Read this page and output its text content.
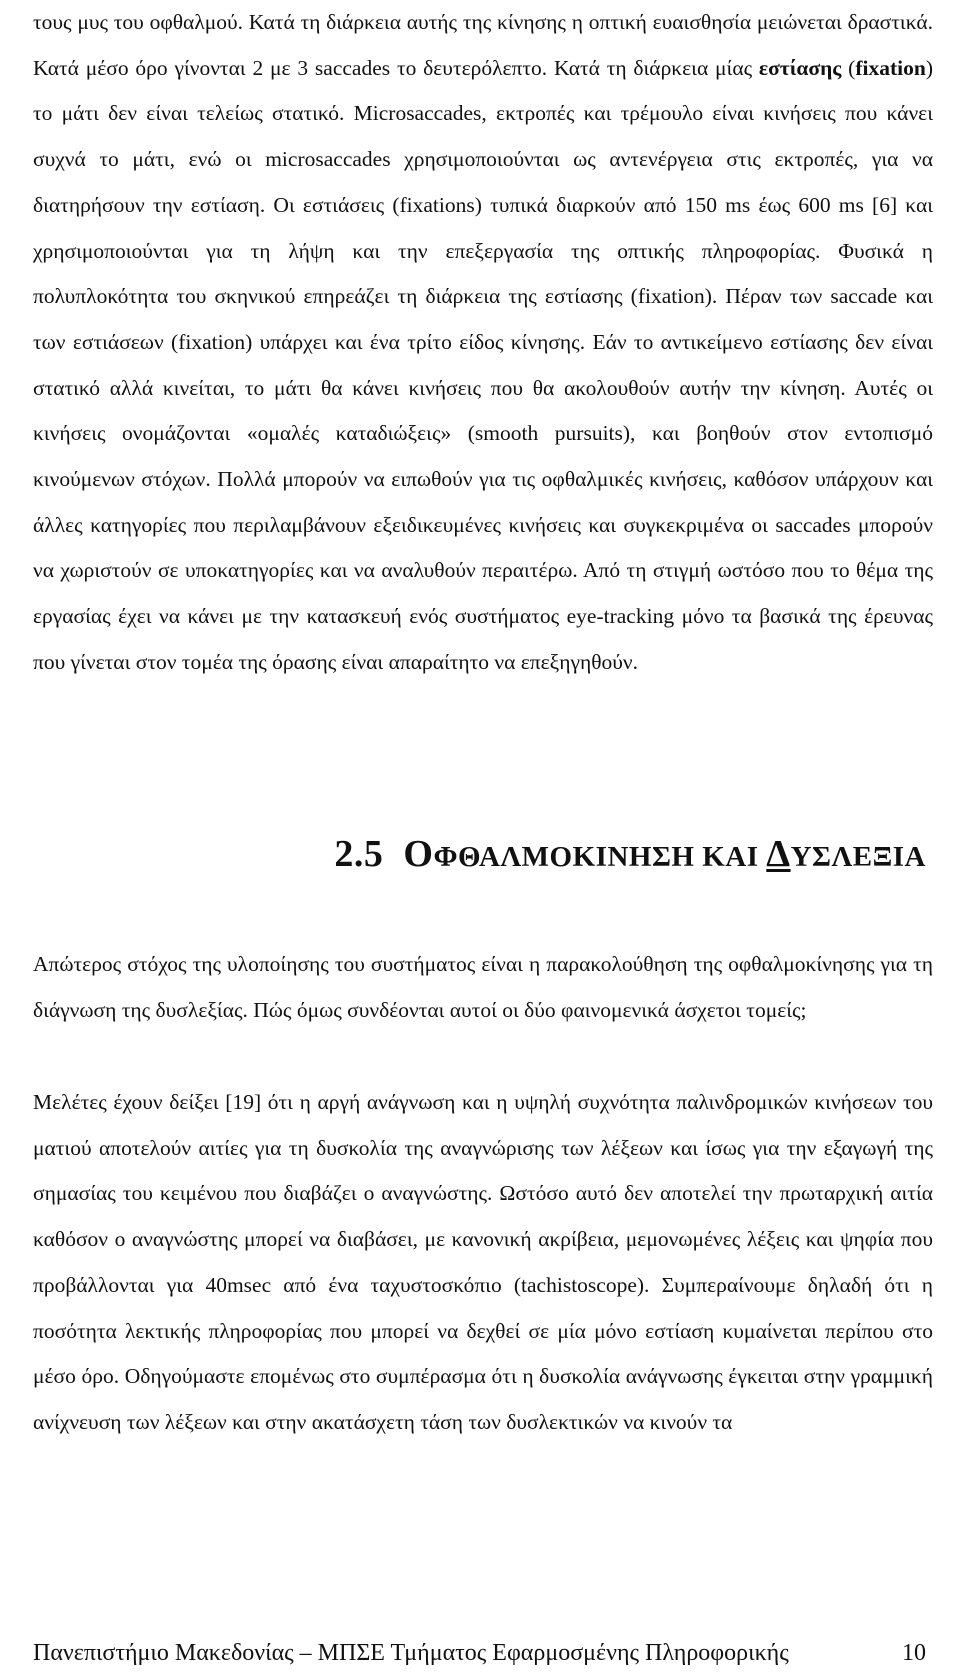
τους μυς του οφθαλμού. Κατά τη διάρκεια αυτής της κίνησης η οπτική ευαισθησία μειώνεται δραστικά. Κατά μέσο όρο γίνονται 2 με 3 saccades το δευτερόλεπτο. Κατά τη διάρκεια μίας εστίασης (fixation) το μάτι δεν είναι τελείως στατικό. Microsaccades, εκτροπές και τρέμουλο είναι κινήσεις που κάνει συχνά το μάτι, ενώ οι microsaccades χρησιμοποιούνται ως αντενέργεια στις εκτροπές, για να διατηρήσουν την εστίαση. Οι εστιάσεις (fixations) τυπικά διαρκούν από 150 ms έως 600 ms [6] και χρησιμοποιούνται για τη λήψη και την επεξεργασία της οπτικής πληροφορίας. Φυσικά η πολυπλοκότητα του σκηνικού επηρεάζει τη διάρκεια της εστίασης (fixation). Πέραν των saccade και των εστιάσεων (fixation) υπάρχει και ένα τρίτο είδος κίνησης. Εάν το αντικείμενο εστίασης δεν είναι στατικό αλλά κινείται, το μάτι θα κάνει κινήσεις που θα ακολουθούν αυτήν την κίνηση. Αυτές οι κινήσεις ονομάζονται «ομαλές καταδιώξεις» (smooth pursuits), και βοηθούν στον εντοπισμό κινούμενων στόχων. Πολλά μπορούν να ειπωθούν για τις οφθαλμικές κινήσεις, καθόσον υπάρχουν και άλλες κατηγορίες που περιλαμβάνουν εξειδικευμένες κινήσεις και συγκεκριμένα οι saccades μπορούν να χωριστούν σε υποκατηγορίες και να αναλυθούν περαιτέρω. Από τη στιγμή ωστόσο που το θέμα της εργασίας έχει να κάνει με την κατασκευή ενός συστήματος eye-tracking μόνο τα βασικά της έρευνας που γίνεται στον τομέα της όρασης είναι απαραίτητο να επεξηγηθούν.

2.5 ΟΦΘΑΛΜΟΚΙΝΗΣΗ ΚΑΙ ΔΥΣΛΕΞΙΑ

Απώτερος στόχος της υλοποίησης του συστήματος είναι η παρακολούθηση της οφθαλμοκίνησης για τη διάγνωση της δυσλεξίας. Πώς όμως συνδέονται αυτοί οι δύο φαινομενικά άσχετοι τομείς;

Μελέτες έχουν δείξει [19] ότι η αργή ανάγνωση και η υψηλή συχνότητα παλινδρομικών κινήσεων του ματιού αποτελούν αιτίες για τη δυσκολία της αναγνώρισης των λέξεων και ίσως για την εξαγωγή της σημασίας του κειμένου που διαβάζει ο αναγνώστης. Ωστόσο αυτό δεν αποτελεί την πρωταρχική αιτία καθόσον ο αναγνώστης μπορεί να διαβάσει, με κανονική ακρίβεια, μεμονωμένες λέξεις και ψηφία που προβάλλονται για 40msec από ένα ταχυστοσκόπιο (tachistoscope). Συμπεραίνουμε δηλαδή ότι η ποσότητα λεκτικής πληροφορίας που μπορεί να δεχθεί σε μία μόνο εστίαση κυμαίνεται περίπου στο μέσο όρο. Οδηγούμαστε επομένως στο συμπέρασμα ότι η δυσκολία ανάγνωσης έγκειται στην γραμμική ανίχνευση των λέξεων και στην ακατάσχετη τάση των δυσλεκτικών να κινούν τα

Πανεπιστήμιο Μακεδονίας – ΜΠΣΕ Τμήματος Εφαρμοσμένης Πληροφορικής	10
